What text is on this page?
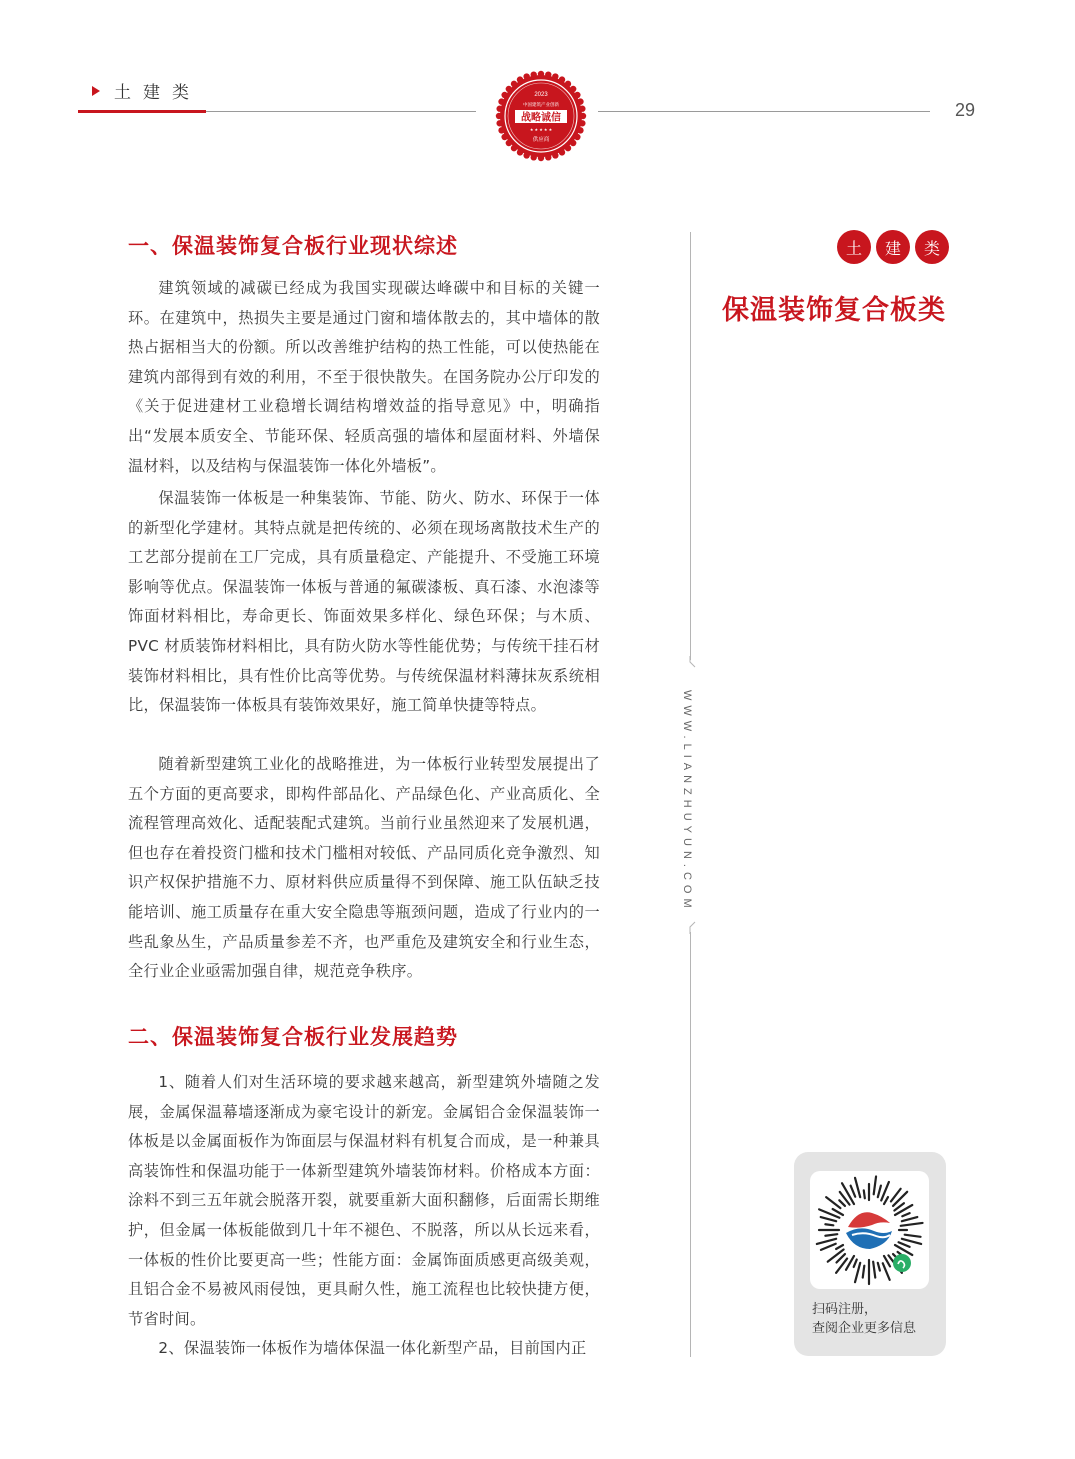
土建类
29
2023
中国建筑产业创新
战略诚信
★ ★ ★ ★ ★
供应商
一、保温装饰复合板行业现状综述
建筑领域的减碳已经成为我国实现碳达峰碳中和目标的关键一环。在建筑中，热损失主要是通过门窗和墙体散去的，其中墙体的散热占据相当大的份额。所以改善维护结构的热工性能，可以使热能在建筑内部得到有效的利用，不至于很快散失。在国务院办公厅印发的《关于促进建材工业稳增长调结构增效益的指导意见》中，明确指出“发展本质安全、节能环保、轻质高强的墙体和屋面材料、外墙保温材料，以及结构与保温装饰一体化外墙板”。
保温装饰一体板是一种集装饰、节能、防火、防水、环保于一体的新型化学建材。其特点就是把传统的、必须在现场离散技术生产的工艺部分提前在工厂完成，具有质量稳定、产能提升、不受施工环境影响等优点。保温装饰一体板与普通的氟碳漆板、真石漆、水泡漆等饰面材料相比，寿命更长、饰面效果多样化、绿色环保；与木质、PVC 材质装饰材料相比，具有防火防水等性能优势；与传统干挂石材装饰材料相比，具有性价比高等优势。与传统保温材料薄抹灰系统相比，保温装饰一体板具有装饰效果好，施工简单快捷等特点。
随着新型建筑工业化的战略推进，为一体板行业转型发展提出了五个方面的更高要求，即构件部品化、产品绿色化、产业高质化、全流程管理高效化、适配装配式建筑。当前行业虽然迎来了发展机遇，但也存在着投资门槛和技术门槛相对较低、产品同质化竞争激烈、知识产权保护措施不力、原材料供应质量得不到保障、施工队伍缺乏技能培训、施工质量存在重大安全隐患等瓶颈问题，造成了行业内的一些乱象丛生，产品质量参差不齐，也严重危及建筑安全和行业生态，全行业企业亟需加强自律，规范竞争秩序。
二、保温装饰复合板行业发展趋势
1、随着人们对生活环境的要求越来越高，新型建筑外墙随之发展，金属保温幕墙逐渐成为豪宅设计的新宠。金属铝合金保温装饰一体板是以金属面板作为饰面层与保温材料有机复合而成，是一种兼具高装饰性和保温功能于一体新型建筑外墙装饰材料。价格成本方面：涂料不到三五年就会脱落开裂，就要重新大面积翻修，后面需长期维护，但金属一体板能做到几十年不褪色、不脱落，所以从长远来看，一体板的性价比要更高一些；性能方面：金属饰面质感更高级美观，且铝合金不易被风雨侵蚀，更具耐久性，施工流程也比较快捷方便，节省时间。
2、保温装饰一体板作为墙体保温一体化新型产品，目前国内正
WWW.LIANZHUYUN.COM
土	建	类
保温装饰复合板类
扫码注册，
查阅企业更多信息
